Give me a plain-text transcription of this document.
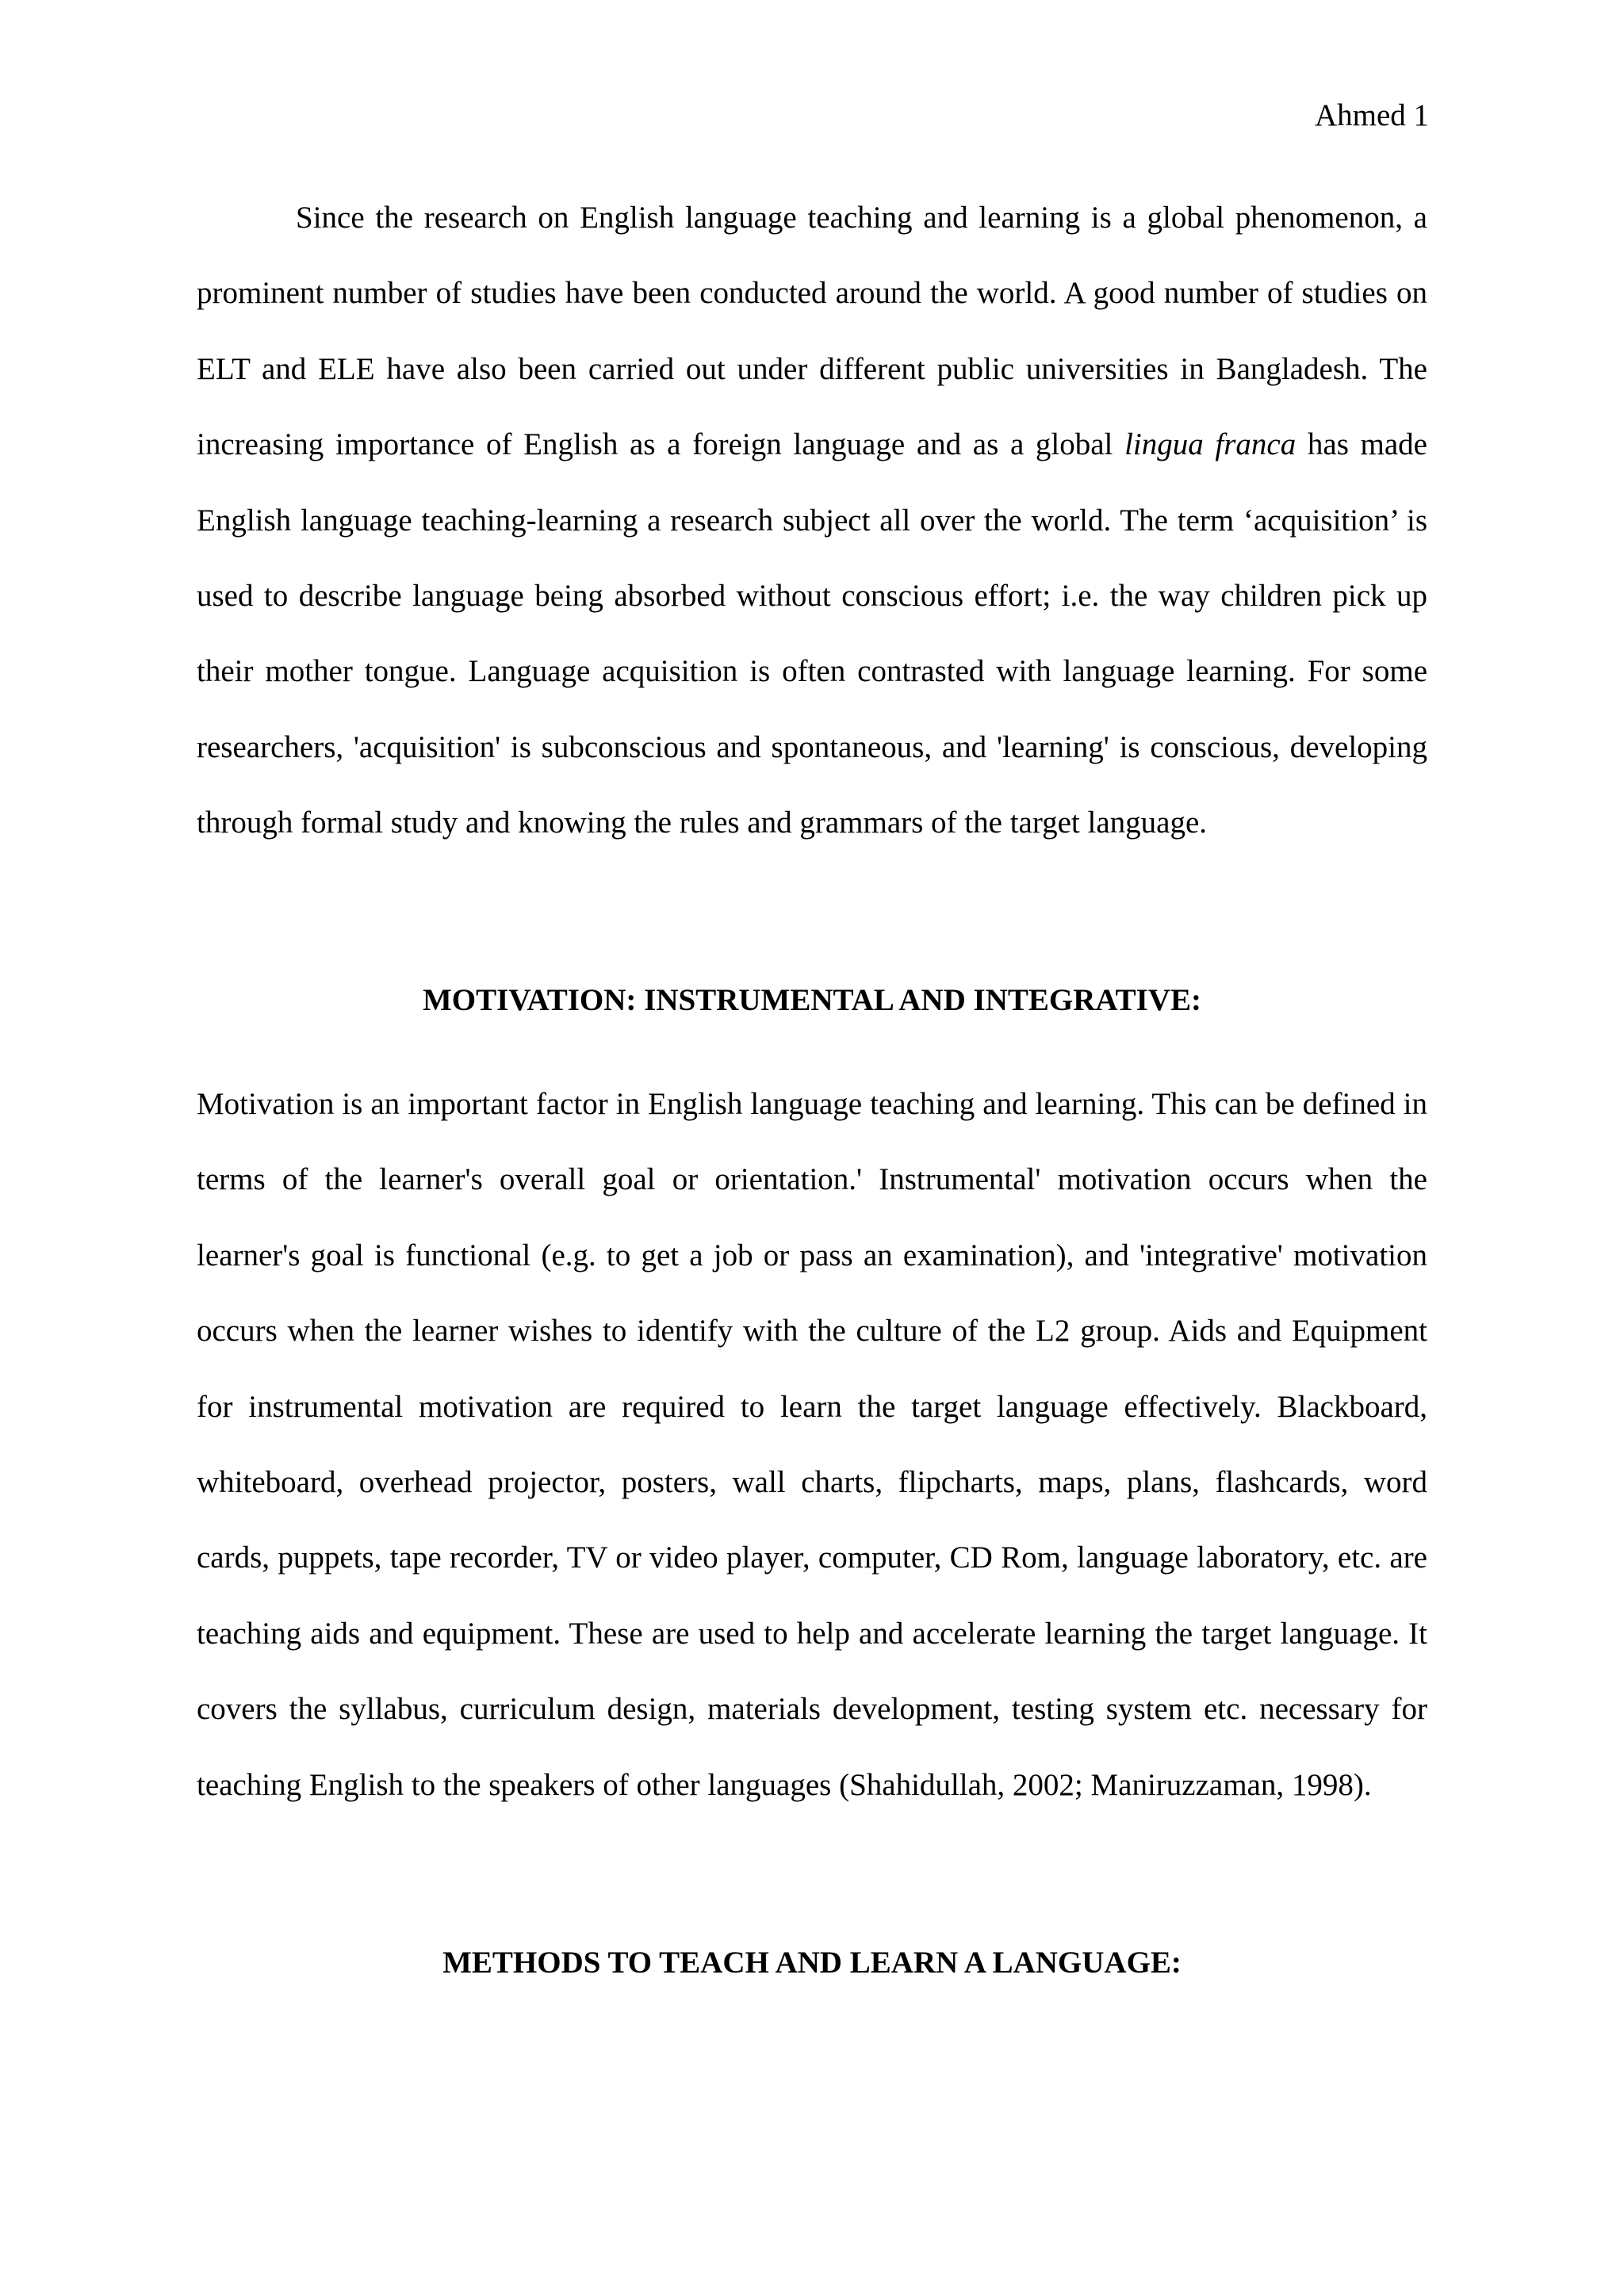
Ahmed 1

Since the research on English language teaching and learning is a global phenomenon, a prominent number of studies have been conducted around the world. A good number of studies on ELT and ELE have also been carried out under different public universities in Bangladesh. The increasing importance of English as a foreign language and as a global lingua franca has made English language teaching-learning a research subject all over the world. The term ‘acquisition’ is used to describe language being absorbed without conscious effort; i.e. the way children pick up their mother tongue. Language acquisition is often contrasted with language learning. For some researchers, 'acquisition' is subconscious and spontaneous, and 'learning' is conscious, developing through formal study and knowing the rules and grammars of the target language.

MOTIVATION: INSTRUMENTAL AND INTEGRATIVE:

Motivation is an important factor in English language teaching and learning. This can be defined in terms of the learner's overall goal or orientation.' Instrumental' motivation occurs when the learner's goal is functional (e.g. to get a job or pass an examination), and 'integrative' motivation occurs when the learner wishes to identify with the culture of the L2 group. Aids and Equipment for instrumental motivation are required to learn the target language effectively. Blackboard, whiteboard, overhead projector, posters, wall charts, flipcharts, maps, plans, flashcards, word cards, puppets, tape recorder, TV or video player, computer, CD Rom, language laboratory, etc. are teaching aids and equipment. These are used to help and accelerate learning the target language. It covers the syllabus, curriculum design, materials development, testing system etc. necessary for teaching English to the speakers of other languages (Shahidullah, 2002; Maniruzzaman, 1998).

METHODS TO TEACH AND LEARN A LANGUAGE:
